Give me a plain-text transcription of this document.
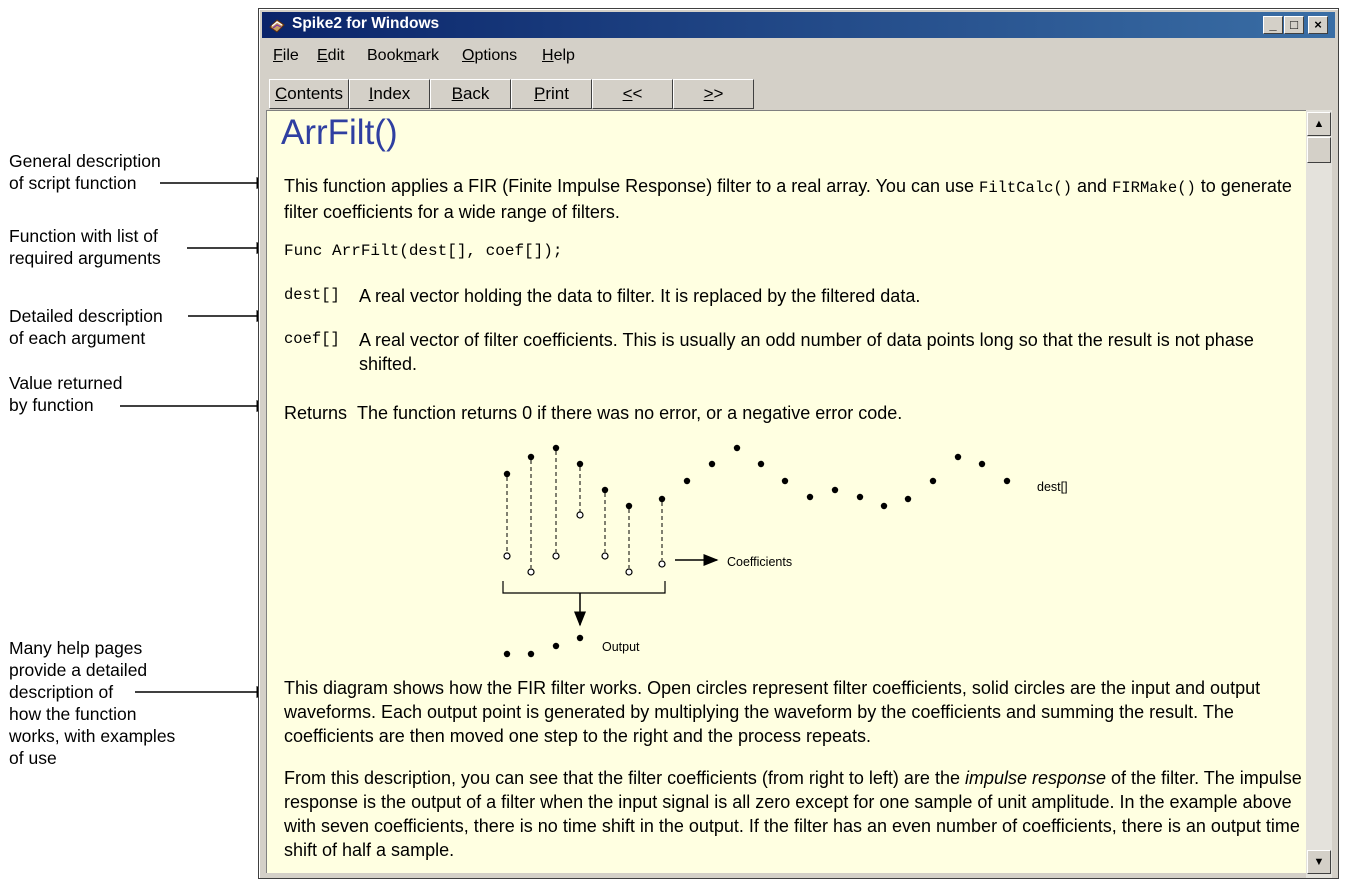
General description
of script function
Function with list of
required arguments
Detailed description
of each argument
Value returned
by function
Many help pages
provide a detailed
description of
how the function
works, with examples
of use
Spike2 for Windows	_	□	×
File Edit Bookmark Options Help
Contents	Index	Back	Print	<<	>>
ArrFilt()
This function applies a FIR (Finite Impulse Response) filter to a real array. You can use FiltCalc() and FIRMake() to generate filter coefficients for a wide range of filters.
Func ArrFilt(dest[], coef[]);
dest[] A real vector holding the data to filter. It is replaced by the filtered data.
coef[] A real vector of filter coefficients. This is usually an odd number of data points long so that the result is not phase shifted.
Returns The function returns 0 if there was no error, or a negative error code.
dest[]
Coefficients
Output
This diagram shows how the FIR filter works. Open circles represent filter coefficients, solid circles are the input and output waveforms. Each output point is generated by multiplying the waveform by the coefficients and summing the result. The coefficients are then moved one step to the right and the process repeats.
From this description, you can see that the filter coefficients (from right to left) are the impulse response of the filter. The impulse response is the output of a filter when the input signal is all zero except for one sample of unit amplitude. In the example above with seven coefficients, there is no time shift in the output. If the filter has an even number of coefficients, there is an output time shift of half a sample.
▲
▼
